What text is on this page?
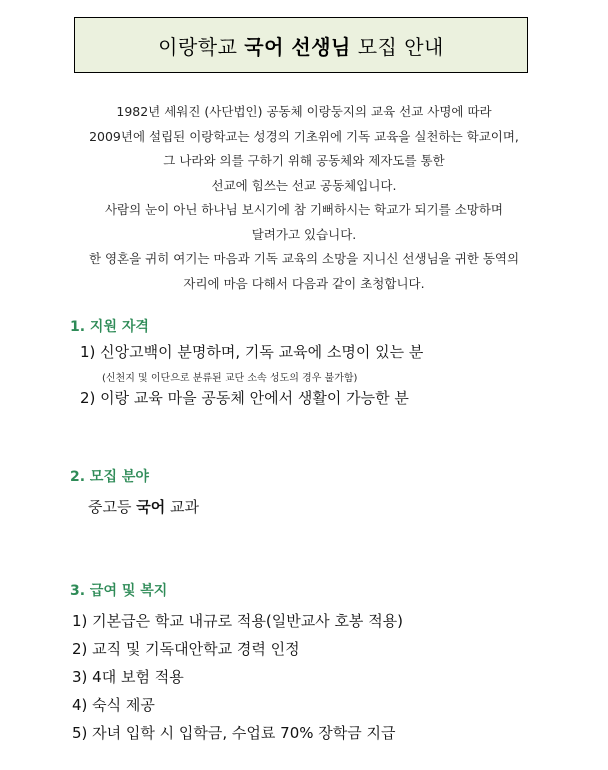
이랑학교 국어 선생님 모집 안내
1982년 세워진 (사단법인) 공동체 이랑둥지의 교육 선교 사명에 따라
2009년에 설립된 이랑학교는 성경의 기초위에 기독 교육을 실천하는 학교이며,
그 나라와 의를 구하기 위해 공동체와 제자도를 통한
선교에 힘쓰는 선교 공동체입니다.
사람의 눈이 아닌 하나님 보시기에 참 기뻐하시는 학교가 되기를 소망하며
달려가고 있습니다.
한 영혼을 귀히 여기는 마음과 기독 교육의 소망을 지니신 선생님을 귀한 동역의
자리에 마음 다해서 다음과 같이 초청합니다.
1. 지원 자격
1) 신앙고백이 분명하며, 기독 교육에 소명이 있는 분
(신천지 및 이단으로 분류된 교단 소속 성도의 경우 불가함)
2) 이랑 교육 마을 공동체 안에서 생활이 가능한 분
2. 모집 분야
중고등 국어 교과
3. 급여 및 복지
1) 기본급은 학교 내규로 적용(일반교사 호봉 적용)
2) 교직 및 기독대안학교 경력 인정
3) 4대 보험 적용
4) 숙식 제공
5) 자녀 입학 시 입학금, 수업료 70% 장학금 지급
